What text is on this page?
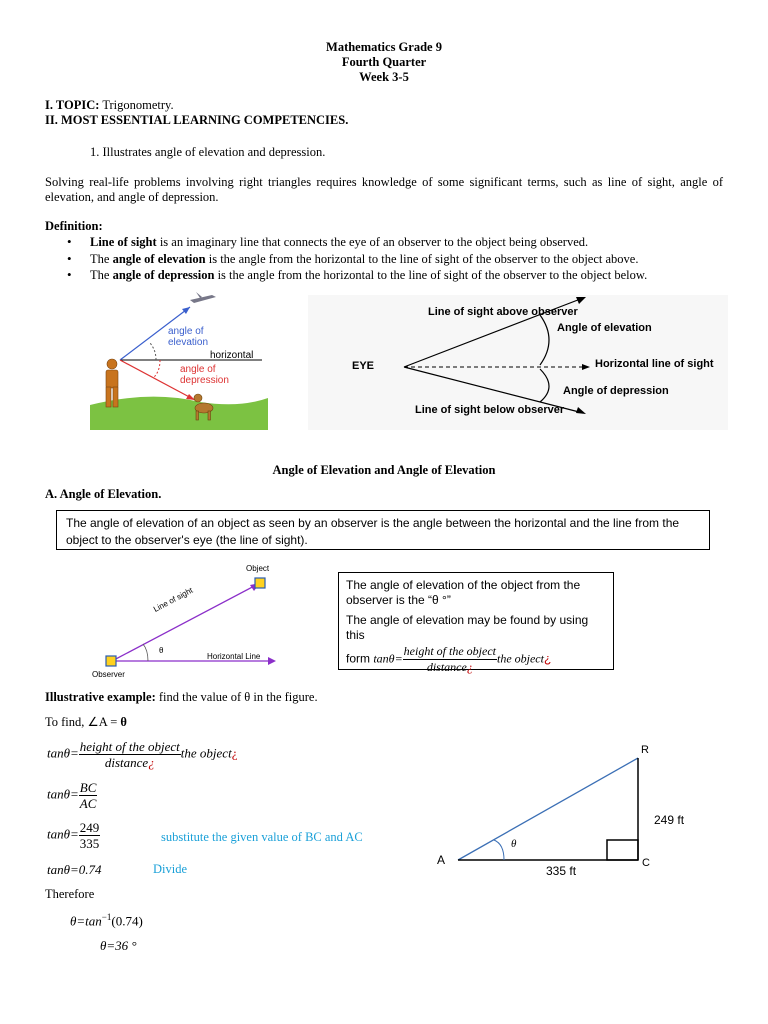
Mathematics Grade 9
Fourth Quarter
Week 3-5
I. TOPIC: Trigonometry.
II. MOST ESSENTIAL LEARNING COMPETENCIES.
1. Illustrates angle of elevation and depression.
Solving real-life problems involving right triangles requires knowledge of some significant terms, such as line of sight, angle of elevation, and angle of depression.
Definition:
• Line of sight is an imaginary line that connects the eye of an observer to the object being observed.
• The angle of elevation is the angle from the horizontal to the line of sight of the observer to the object above.
• The angle of depression is the angle from the horizontal to the line of sight of the observer to the object below.
angle of
elevation
horizontal
angle of
depression
Line of sight above observer
Angle of elevation
EYE	Horizontal line of sight
Angle of depression
Line of sight below observer
Angle of Elevation and Angle of Elevation
A. Angle of Elevation.
The angle of elevation of an object as seen by an observer is the angle between the horizontal and the line from the object to the observer's eye (the line of sight).
Object
Line of sight
θ
Horizontal Line
Observer
The angle of elevation of the object from the observer is the “θ °”
The angle of elevation may be found by using this
form $\tan\theta= \frac{\text{height of the object}}{\text{distance¿}}$ the object¿
Illustrative example: find the value of θ in the figure.
To find, ∠A = θ
$\tan\theta= \frac{\text{height of the object}}{\text{distance¿}}$ the object¿
$\tan\theta= \frac{BC}{AC}$
$\tan\theta= \frac{249}{335}$	substitute the given value of BC and AC
tanθ=0.74	Divide
Therefore
$\theta=\tan^{-1}(0.74)$
θ=36 °
R
A	C
249 ft
335 ft
θ
